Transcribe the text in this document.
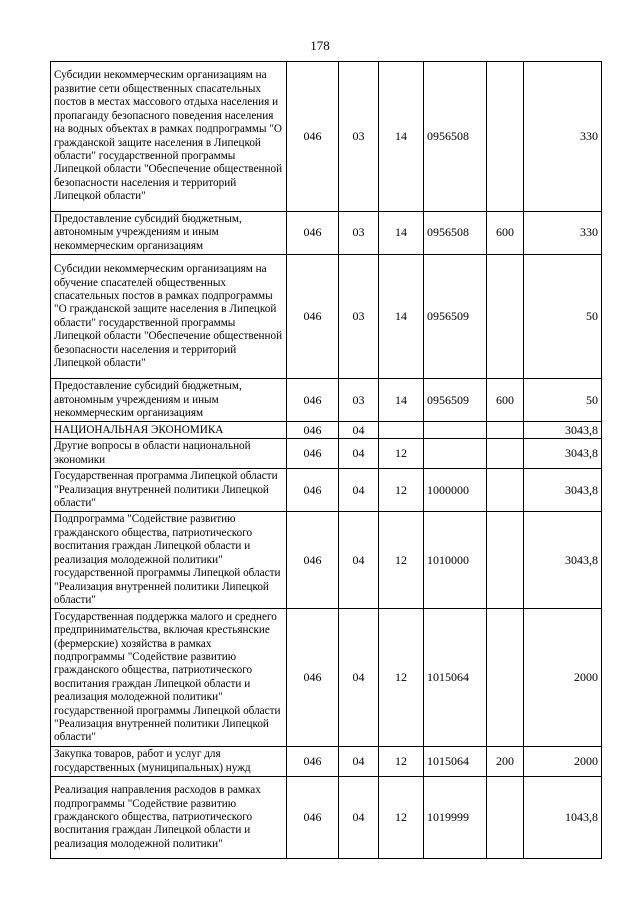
178
Субсидии некоммерческим организациям на развитие сети общественных спасательных постов в местах массового отдыха населения и пропаганду безопасного поведения населения на водных объектах в рамках подпрограммы "О гражданской защите населения в Липецкой области" государственной программы Липецкой области "Обеспечение общественной безопасности населения и территорий Липецкой области"	046	03	14	0956508		330
Предоставление субсидий бюджетным, автономным учреждениям и иным некоммерческим организациям	046	03	14	0956508	600	330
Субсидии некоммерческим организациям на обучение спасателей общественных спасательных постов в рамках подпрограммы "О гражданской защите населения в Липецкой области" государственной программы Липецкой области "Обеспечение общественной безопасности населения и территорий Липецкой области"	046	03	14	0956509		50
Предоставление субсидий бюджетным, автономным учреждениям и иным некоммерческим организациям	046	03	14	0956509	600	50
НАЦИОНАЛЬНАЯ ЭКОНОМИКА	046	04				3043,8
Другие вопросы в области национальной экономики	046	04	12			3043,8
Государственная программа Липецкой области "Реализация внутренней политики Липецкой области"	046	04	12	1000000		3043,8
Подпрограмма "Содействие развитию гражданского общества, патриотического воспитания граждан Липецкой области и реализация молодежной политики" государственной программы Липецкой области "Реализация внутренней политики Липецкой области"	046	04	12	1010000		3043,8
Государственная поддержка малого и среднего предпринимательства, включая крестьянские (фермерские) хозяйства в рамках подпрограммы "Содействие развитию гражданского общества, патриотического воспитания граждан Липецкой области и реализация молодежной политики" государственной программы Липецкой области "Реализация внутренней политики Липецкой области"	046	04	12	1015064		2000
Закупка товаров, работ и услуг для государственных (муниципальных) нужд	046	04	12	1015064	200	2000
Реализация направления расходов в рамках подпрограммы "Содействие развитию гражданского общества, патриотического воспитания граждан Липецкой области и реализация молодежной политики"	046	04	12	1019999		1043,8
